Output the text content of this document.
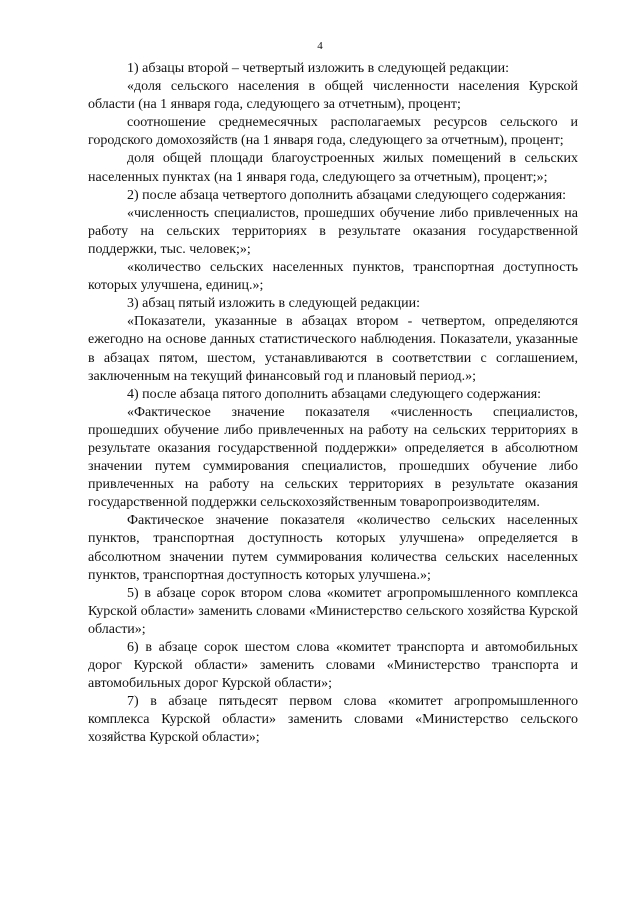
4

1) абзацы второй – четвертый изложить в следующей редакции:

«доля сельского населения в общей численности населения Курской области (на 1 января года, следующего за отчетным), процент;

соотношение среднемесячных располагаемых ресурсов сельского и городского домохозяйств (на 1 января года, следующего за отчетным), процент;

доля общей площади благоустроенных жилых помещений в сельских населенных пунктах (на 1 января года, следующего за отчетным), процент;»;

2) после абзаца четвертого дополнить абзацами следующего содержания:

«численность специалистов, прошедших обучение либо привлеченных на работу на сельских территориях в результате оказания государственной поддержки, тыс. человек;»;

«количество сельских населенных пунктов, транспортная доступность которых улучшена, единиц.»;

3) абзац пятый изложить в следующей редакции:

«Показатели, указанные в абзацах втором - четвертом, определяются ежегодно на основе данных статистического наблюдения. Показатели, указанные в абзацах пятом, шестом, устанавливаются в соответствии с соглашением, заключенным на текущий финансовый год и плановый период.»;

4) после абзаца пятого дополнить абзацами следующего содержания:

«Фактическое значение показателя «численность специалистов, прошедших обучение либо привлеченных на работу на сельских территориях в результате оказания государственной поддержки» определяется в абсолютном значении путем суммирования специалистов, прошедших обучение либо привлеченных на работу на сельских территориях в результате оказания государственной поддержки сельскохозяйственным товаропроизводителям.

Фактическое значение показателя «количество сельских населенных пунктов, транспортная доступность которых улучшена» определяется в абсолютном значении путем суммирования количества сельских населенных пунктов, транспортная доступность которых улучшена.»;

5) в абзаце сорок втором слова «комитет агропромышленного комплекса Курской области» заменить словами «Министерство сельского хозяйства Курской области»;

6) в абзаце сорок шестом слова «комитет транспорта и автомобильных дорог Курской области» заменить словами «Министерство транспорта и автомобильных дорог Курской области»;

7) в абзаце пятьдесят первом слова «комитет агропромышленного комплекса Курской области» заменить словами «Министерство сельского хозяйства Курской области»;
